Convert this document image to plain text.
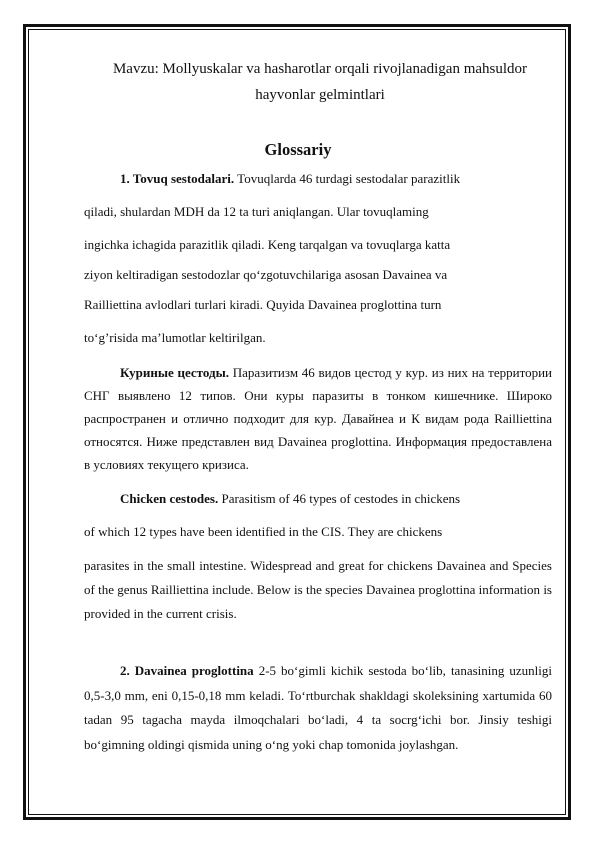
Mavzu: Mollyuskalar va hasharotlar orqali rivojlanadigan mahsuldor
hayvonlar gelmintlari
Glossariy
1. Tovuq sestodalari. Tovuqlarda 46 turdagi sestodalar parazitlik
qiladi, shulardan MDH da 12 ta turi aniqlangan. Ular tovuqlaming
ingichka ichagida parazitlik qiladi. Keng tarqalgan va tovuqlarga katta
ziyon keltiradigan sestodozlar qo‘zgotuvchilariga asosan Davainea va
Railliettina avlodlari turlari kiradi. Quyida Davainea proglottina turn
to‘g’risida ma’lumotlar keltirilgan.

Куриные цестоды. Паразитизм 46 видов цестод у кур. из них на территории СНГ выявлено 12 типов. Они куры паразиты в тонком кишечнике. Широко распространен и отлично подходит для кур. Давайнеа и К видам рода Railliettina относятся. Ниже представлен вид Davainea proglottina. Информация предоставлена в условиях текущего кризиса.

Chicken cestodes. Parasitism of 46 types of cestodes in chickens
of which 12 types have been identified in the CIS. They are chickens

parasites in the small intestine. Widespread and great for chickens Davainea and Species of the genus Railliettina include. Below is the species Davainea proglottina information is provided in the current crisis.

2. Davainea proglottina 2-5 bo‘gimli kichik sestoda bo‘lib, tanasining uzunligi 0,5-3,0 mm, eni 0,15-0,18 mm keladi. To‘rtburchak shakldagi skoleksining xartumida 60 tadan 95 tagacha mayda ilmoqchalari bo‘ladi, 4 ta socrg‘ichi bor. Jinsiy teshigi bo‘gimning oldingi qismida uning o‘ng yoki chap tomonida joylashgan.
